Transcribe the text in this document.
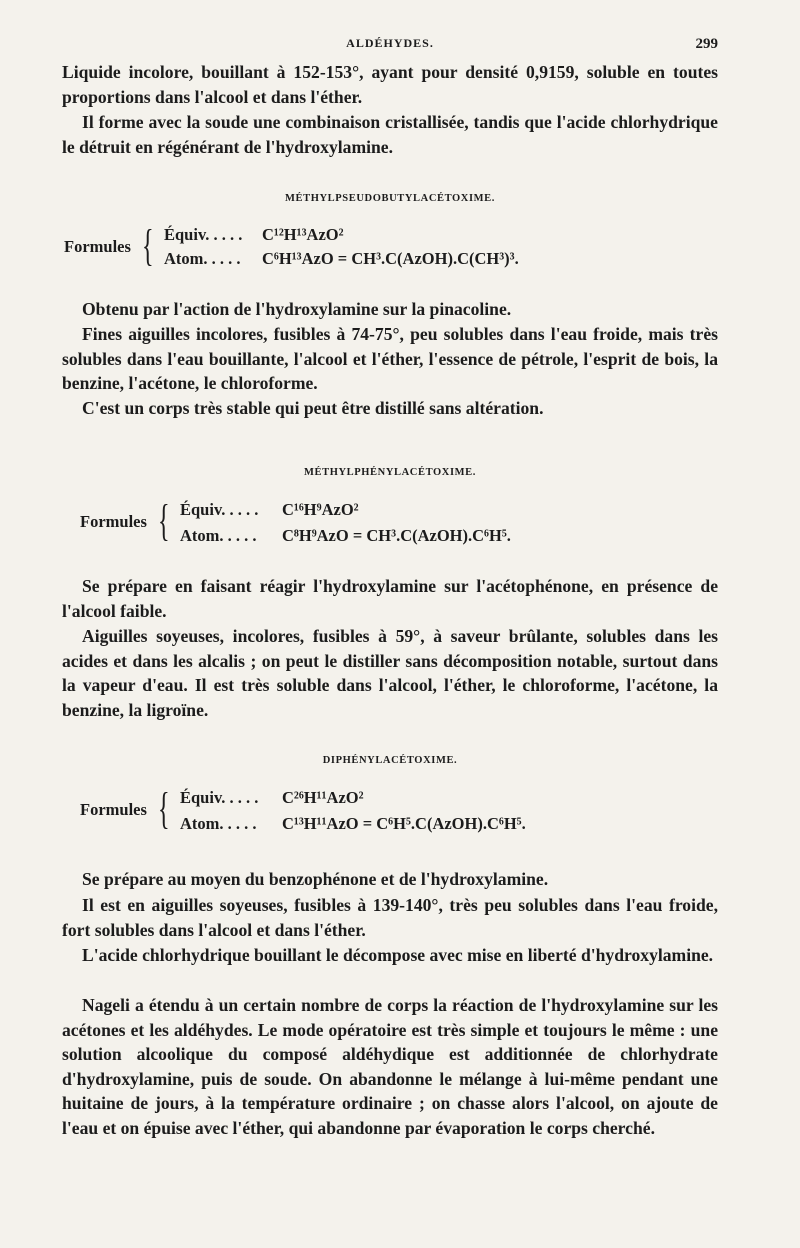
ALDÉHYDES.	299

Liquide incolore, bouillant à 152-153°, ayant pour densité 0,9159, soluble en toutes proportions dans l'alcool et dans l'éther.

Il forme avec la soude une combinaison cristallisée, tandis que l'acide chlorhydrique le détruit en régénérant de l'hydroxylamine.

MÉTHYLPSEUDOBUTYLACÉTOXIME.
Formules { Équiv. . . . . C¹²H¹³AzO²
Atom. . . . . C⁶H¹³AzO = CH³.C(AzOH).C(CH³)³.

Obtenu par l'action de l'hydroxylamine sur la pinacoline.

Fines aiguilles incolores, fusibles à 74-75°, peu solubles dans l'eau froide, mais très solubles dans l'eau bouillante, l'alcool et l'éther, l'essence de pétrole, l'esprit de bois, la benzine, l'acétone, le chloroforme.

C'est un corps très stable qui peut être distillé sans altération.

MÉTHYLPHÉNYLACÉTOXIME.
Formules { Équiv. . . . . C¹⁶H⁹AzO²
Atom. . . . . C⁸H⁹AzO = CH³.C(AzOH).C⁶H⁵.

Se prépare en faisant réagir l'hydroxylamine sur l'acétophénone, en présence de l'alcool faible.

Aiguilles soyeuses, incolores, fusibles à 59°, à saveur brûlante, solubles dans les acides et dans les alcalis ; on peut le distiller sans décomposition notable, surtout dans la vapeur d'eau. Il est très soluble dans l'alcool, l'éther, le chloroforme, l'acétone, la benzine, la ligroïne.

DIPHÉNYLACÉTOXIME.
Formules { Équiv. . . . . C²⁶H¹¹AzO²
Atom. . . . . C¹³H¹¹AzO = C⁶H⁵.C(AzOH).C⁶H⁵.

Se prépare au moyen du benzophénone et de l'hydroxylamine.

Il est en aiguilles soyeuses, fusibles à 139-140°, très peu solubles dans l'eau froide, fort solubles dans l'alcool et dans l'éther.

L'acide chlorhydrique bouillant le décompose avec mise en liberté d'hydroxylamine.

Nageli a étendu à un certain nombre de corps la réaction de l'hydroxylamine sur les acétones et les aldéhydes. Le mode opératoire est très simple et toujours le même : une solution alcoolique du composé aldéhydique est additionnée de chlorhydrate d'hydroxylamine, puis de soude. On abandonne le mélange à lui-même pendant une huitaine de jours, à la température ordinaire ; on chasse alors l'alcool, on ajoute de l'eau et on épuise avec l'éther, qui abandonne par évaporation le corps cherché.
